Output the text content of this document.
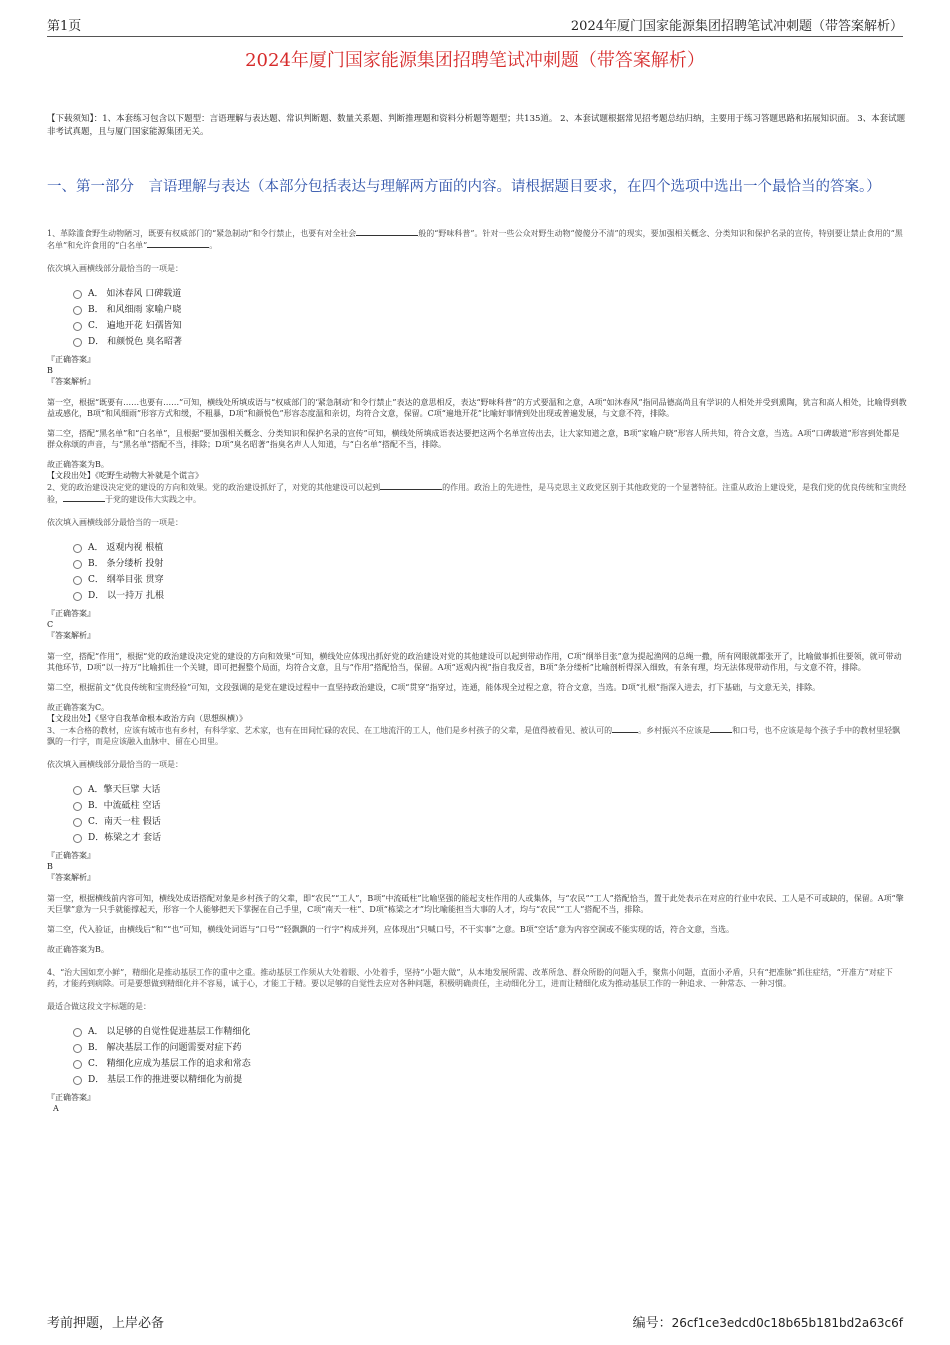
第1页	2024年厦门国家能源集团招聘笔试冲刺题（带答案解析）
2024年厦门国家能源集团招聘笔试冲刺题（带答案解析）
【下载须知】：1、本套练习包含以下题型：言语理解与表达题、常识判断题、数量关系题、判断推理题和资料分析题等题型；共135道。 2、本套试题根据常见招考题总结归纳，主要用于练习答题思路和拓展知识面。 3、本套试题非考试真题，且与厦门国家能源集团无关。
一、第一部分　言语理解与表达（本部分包括表达与理解两方面的内容。请根据题目要求，在四个选项中选出一个最恰当的答案。）

1、革除滥食野生动物陋习，既要有权威部门的“紧急制动”和令行禁止，也要有对全社会	般的“野味科普”。针对一些公众对野生动物“傻傻分不清”的现实，要加强相关概念、分类知识和保护名录的宣传，特别要让禁止食用的“黑名单”和允许食用的“白名单”	。

依次填入画横线部分最恰当的一项是：

A． 如沐春风 口碑载道
B． 和风细雨 家喻户晓
C． 遍地开花 妇孺皆知
D． 和颜悦色 臭名昭著

『正确答案』

B

『答案解析』

第一空，根据“既要有……也要有……”可知，横线处所填成语与“权威部门的‘紧急制动’和令行禁止”表达的意思相反，表达“野味科普”的方式要温和之意，A项“如沐春风”指同品德高尚且有学识的人相处并受到熏陶，犹言和高人相处，比喻得到教益或感化，B项“和风细雨”形容方式和缓，不粗暴，D项“和颜悦色”形容态度温和亲切，均符合文意，保留。C项“遍地开花”比喻好事情到处出现或普遍发展，与文意不符，排除。

第二空，搭配“黑名单”和“白名单”，且根据“要加强相关概念、分类知识和保护名录的宣传”可知，横线处所填成语表达要把这两个名单宣传出去，让大家知道之意，B项“家喻户晓”形容人所共知，符合文意，当选。A项“口碑载道”形容到处都是群众称颂的声音，与“黑名单”搭配不当，排除；D项“臭名昭著”指臭名声人人知道，与“白名单”搭配不当，排除。

故正确答案为B。

【文段出处】《吃野生动物大补就是个谎言》

2、党的政治建设决定党的建设的方向和效果。党的政治建设抓好了，对党的其他建设可以起到	的作用。政治上的先进性，是马克思主义政党区别于其他政党的一个显著特征。注重从政治上建设党，是我们党的优良传统和宝贵经验，	于党的建设伟大实践之中。

依次填入画横线部分最恰当的一项是：

A． 返观内视 根植
B． 条分缕析 投射
C． 纲举目张 贯穿
D． 以一持万 扎根

『正确答案』

C

『答案解析』

第一空，搭配“作用”，根据“党的政治建设决定党的建设的方向和效果”可知，横线处应体现出抓好党的政治建设对党的其他建设可以起到带动作用，C项“纲举目张”意为提起渔网的总绳一撒，所有网眼就都张开了，比喻做事抓住要领，就可带动其他环节，D项“以一持万”比喻抓住一个关键，即可把握整个局面，均符合文意，且与“作用”搭配恰当，保留。A项“返观内视”指自我反省，B项“条分缕析”比喻剖析得深入细致，有条有理，均无法体现带动作用，与文意不符，排除。

第二空，根据前文“优良传统和宝贵经验”可知，文段强调的是党在建设过程中一直坚持政治建设，C项“贯穿”指穿过，连通，能体现全过程之意，符合文意，当选。D项“扎根”指深入进去，打下基础，与文意无关，排除。

故正确答案为C。

【文段出处】《坚守自我革命根本政治方向（思想纵横）》

3、一本合格的教材，应该有城市也有乡村，有科学家、艺术家，也有在田间忙碌的农民、在工地流汗的工人，他们是乡村孩子的父辈，是值得被看见、被认可的	。乡村振兴不应该是	和口号，也不应该是每个孩子手中的教材里轻飘飘的一行字，而是应该融入血脉中、留在心田里。

依次填入画横线部分最恰当的一项是：

A．擎天巨擘 大话
B．中流砥柱 空话
C．南天一柱 假话
D．栋梁之才 套话

『正确答案』

B

『答案解析』

第一空，根据横线前内容可知，横线处成语搭配对象是乡村孩子的父辈，即“农民”“工人”，B项“中流砥柱”比喻坚强的能起支柱作用的人或集体，与“农民”“工人”搭配恰当，置于此处表示在对应的行业中农民、工人是不可或缺的，保留。A项“擎天巨擘”意为一只手就能撑起天，形容一个人能够把天下掌握在自己手里，C项“南天一柱”、D项“栋梁之才”均比喻能担当大事的人才，均与“农民”“工人”搭配不当，排除。

第二空，代入验证，由横线后“和”“也”可知，横线处词语与“口号”“轻飘飘的一行字”构成并列，应体现出“只喊口号，不干实事”之意。B项“空话”意为内容空洞或不能实现的话，符合文意，当选。

故正确答案为B。

4、“治大国如烹小鲜”，精细化是推动基层工作的重中之重。推动基层工作须从大处着眼、小处着手，坚持“小题大做”，从本地发展所需、改革所急、群众所盼的问题入手，聚焦小问题，直面小矛盾，只有“把准脉”抓住症结，“开准方”对症下药，才能药到病除。可是要想做到精细化并不容易，诚于心，才能工于精。要以足够的自觉性去应对各种问题，积极明确责任，主动细化分工，进而让精细化成为推动基层工作的一种追求、一种常态、一种习惯。

最适合做这段文字标题的是：

A． 以足够的自觉性促进基层工作精细化
B． 解决基层工作的问题需要对症下药
C． 精细化应成为基层工作的追求和常态
D． 基层工作的推进要以精细化为前提

『正确答案』

A

考前押题，上岸必备	编号：26cf1ce3edcd0c18b65b181bd2a63c6f
